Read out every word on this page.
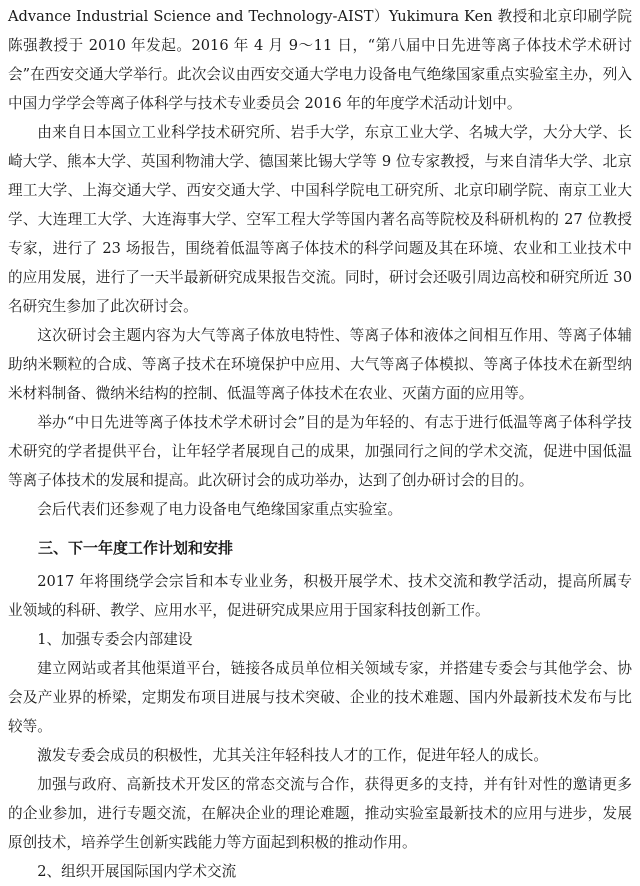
Advance Industrial Science and Technology-AIST）Yukimura Ken 教授和北京印刷学院陈强教授于 2010 年发起。2016 年 4 月 9～11 日，“第八届中日先进等离子体技术学术研讨会”在西安交通大学举行。此次会议由西安交通大学电力设备电气绝缘国家重点实验室主办，列入中国力学学会等离子体科学与技术专业委员会 2016 年的年度学术活动计划中。

由来自日本国立工业科学技术研究所、岩手大学，东京工业大学、名城大学，大分大学、长崎大学、熊本大学、英国利物浦大学、德国莱比锡大学等 9 位专家教授，与来自清华大学、北京理工大学、上海交通大学、西安交通大学、中国科学院电工研究所、北京印刷学院、南京工业大学、大连理工大学、大连海事大学、空军工程大学等国内著名高等院校及科研机构的 27 位教授专家，进行了 23 场报告，围绕着低温等离子体技术的科学问题及其在环境、农业和工业技术中的应用发展，进行了一天半最新研究成果报告交流。同时，研讨会还吸引周边高校和研究所近 30 名研究生参加了此次研讨会。

这次研讨会主题内容为大气等离子体放电特性、等离子体和液体之间相互作用、等离子体辅助纳米颗粒的合成、等离子技术在环境保护中应用、大气等离子体模拟、等离子体技术在新型纳米材料制备、微纳米结构的控制、低温等离子体技术在农业、灭菌方面的应用等。

举办“中日先进等离子体技术学术研讨会”目的是为年轻的、有志于进行低温等离子体科学技术研究的学者提供平台，让年轻学者展现自己的成果，加强同行之间的学术交流，促进中国低温等离子体技术的发展和提高。此次研讨会的成功举办，达到了创办研讨会的目的。

会后代表们还参观了电力设备电气绝缘国家重点实验室。

三、下一年度工作计划和安排

2017 年将围绕学会宗旨和本专业业务，积极开展学术、技术交流和教学活动，提高所属专业领域的科研、教学、应用水平，促进研究成果应用于国家科技创新工作。

1、加强专委会内部建设

建立网站或者其他渠道平台，链接各成员单位相关领域专家，并搭建专委会与其他学会、协会及产业界的桥梁，定期发布项目进展与技术突破、企业的技术难题、国内外最新技术发布与比较等。

激发专委会成员的积极性，尤其关注年轻科技人才的工作，促进年轻人的成长。

加强与政府、高新技术开发区的常态交流与合作，获得更多的支持，并有针对性的邀请更多的企业参加，进行专题交流，在解决企业的理论难题，推动实验室最新技术的应用与进步，发展原创技术，培养学生创新实践能力等方面起到积极的推动作用。

2、组织开展国际国内学术交流
